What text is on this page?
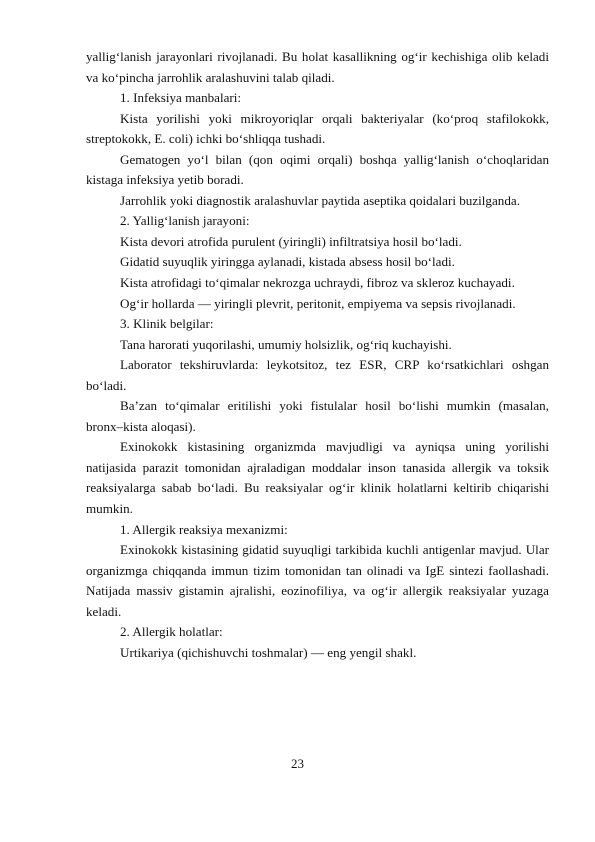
yallig‘lanish jarayonlari rivojlanadi. Bu holat kasallikning og‘ir kechishiga olib keladi va ko‘pincha jarrohlik aralashuvini talab qiladi.

1. Infeksiya manbalari:

Kista yorilishi yoki mikroyoriqlar orqali bakteriyalar (ko‘proq stafilokokk, streptokokk, E. coli) ichki bo‘shliqqa tushadi.

Gematogen yo‘l bilan (qon oqimi orqali) boshqa yallig‘lanish o‘choqlaridan kistaga infeksiya yetib boradi.

Jarrohlik yoki diagnostik aralashuvlar paytida aseptika qoidalari buzilganda.

2. Yallig‘lanish jarayoni:

Kista devori atrofida purulent (yiringli) infiltratsiya hosil bo‘ladi.

Gidatid suyuqlik yiringga aylanadi, kistada absess hosil bo‘ladi.

Kista atrofidagi to‘qimalar nekrozga uchraydi, fibroz va skleroz kuchayadi.

Og‘ir hollarda — yiringli plevrit, peritonit, empiyema va sepsis rivojlanadi.

3. Klinik belgilar:

Tana harorati yuqorilashi, umumiy holsizlik, og‘riq kuchayishi.

Laborator tekshiruvlarda: leykotsitoz, tez ESR, CRP ko‘rsatkichlari oshgan bo‘ladi.

Ba’zan to‘qimalar eritilishi yoki fistulalar hosil bo‘lishi mumkin (masalan, bronx–kista aloqasi).

Exinokokk kistasining organizmda mavjudligi va ayniqsa uning yorilishi natijasida parazit tomonidan ajraladigan moddalar inson tanasida allergik va toksik reaksiyalarga sabab bo‘ladi. Bu reaksiyalar og‘ir klinik holatlarni keltirib chiqarishi mumkin.

1. Allergik reaksiya mexanizmi:

Exinokokk kistasining gidatid suyuqligi tarkibida kuchli antigenlar mavjud. Ular organizmga chiqqanda immun tizim tomonidan tan olinadi va IgE sintezi faollashadi. Natijada massiv gistamin ajralishi, eozinofiliya, va og‘ir allergik reaksiyalar yuzaga keladi.

2. Allergik holatlar:

Urtikariya (qichishuvchi toshmalar) — eng yengil shakl.

23
